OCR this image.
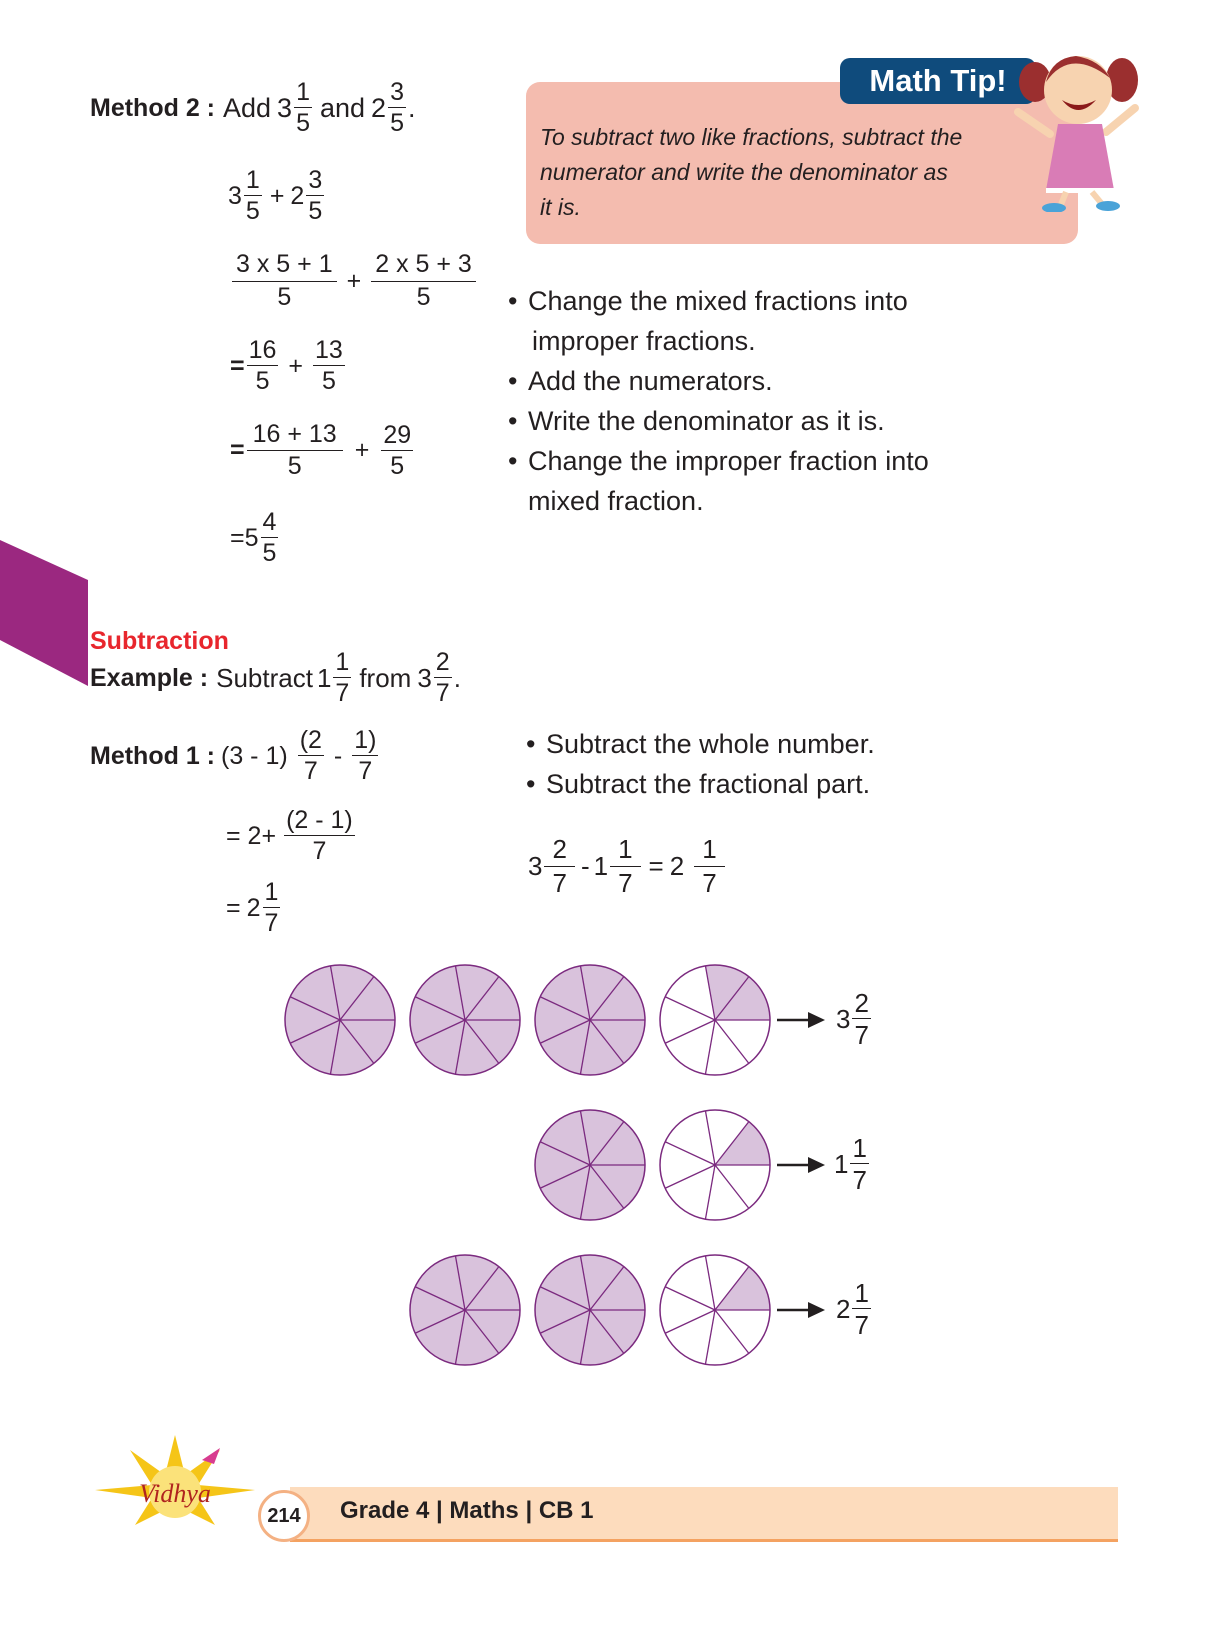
Method 2 : Add $3 \frac{1}{5}$ and $2 \frac{3}{5}$ .
$3 \frac{1}{5} + 2 \frac{3}{5}$
$\frac{3 x 5 + 1}{5} + \frac{2 x 5 + 3}{5}$
= $\frac{16}{5} + \frac{13}{5}$
= $\frac{16 + 13}{5} + \frac{29}{5}$
= $5 \frac{4}{5}$
Math Tip!
To subtract two like fractions, subtract the
numerator and write the denominator as
it is.
• Change the mixed fractions into
improper fractions.
• Add the numerators.
• Write the denominator as it is.
• Change the improper fraction into
mixed fraction.
Subtraction
Example : Subtract $1 \frac{1}{7}$ from $3 \frac{2}{7}$ .
Method 1 : $(3 - 1) \frac{(2}{7} - \frac{1)}{7}$
= $2+ \frac{(2 - 1)}{7}$
= $2 \frac{1}{7}$
• Subtract the whole number.
• Subtract the fractional part.
$3 \frac{2}{7} - 1 \frac{1}{7} = 2 \frac{1}{7}$
$3 \frac{2}{7}$
$1 \frac{1}{7}$
$2 \frac{1}{7}$
Vidhya
214	Grade 4 | Maths | CB 1
